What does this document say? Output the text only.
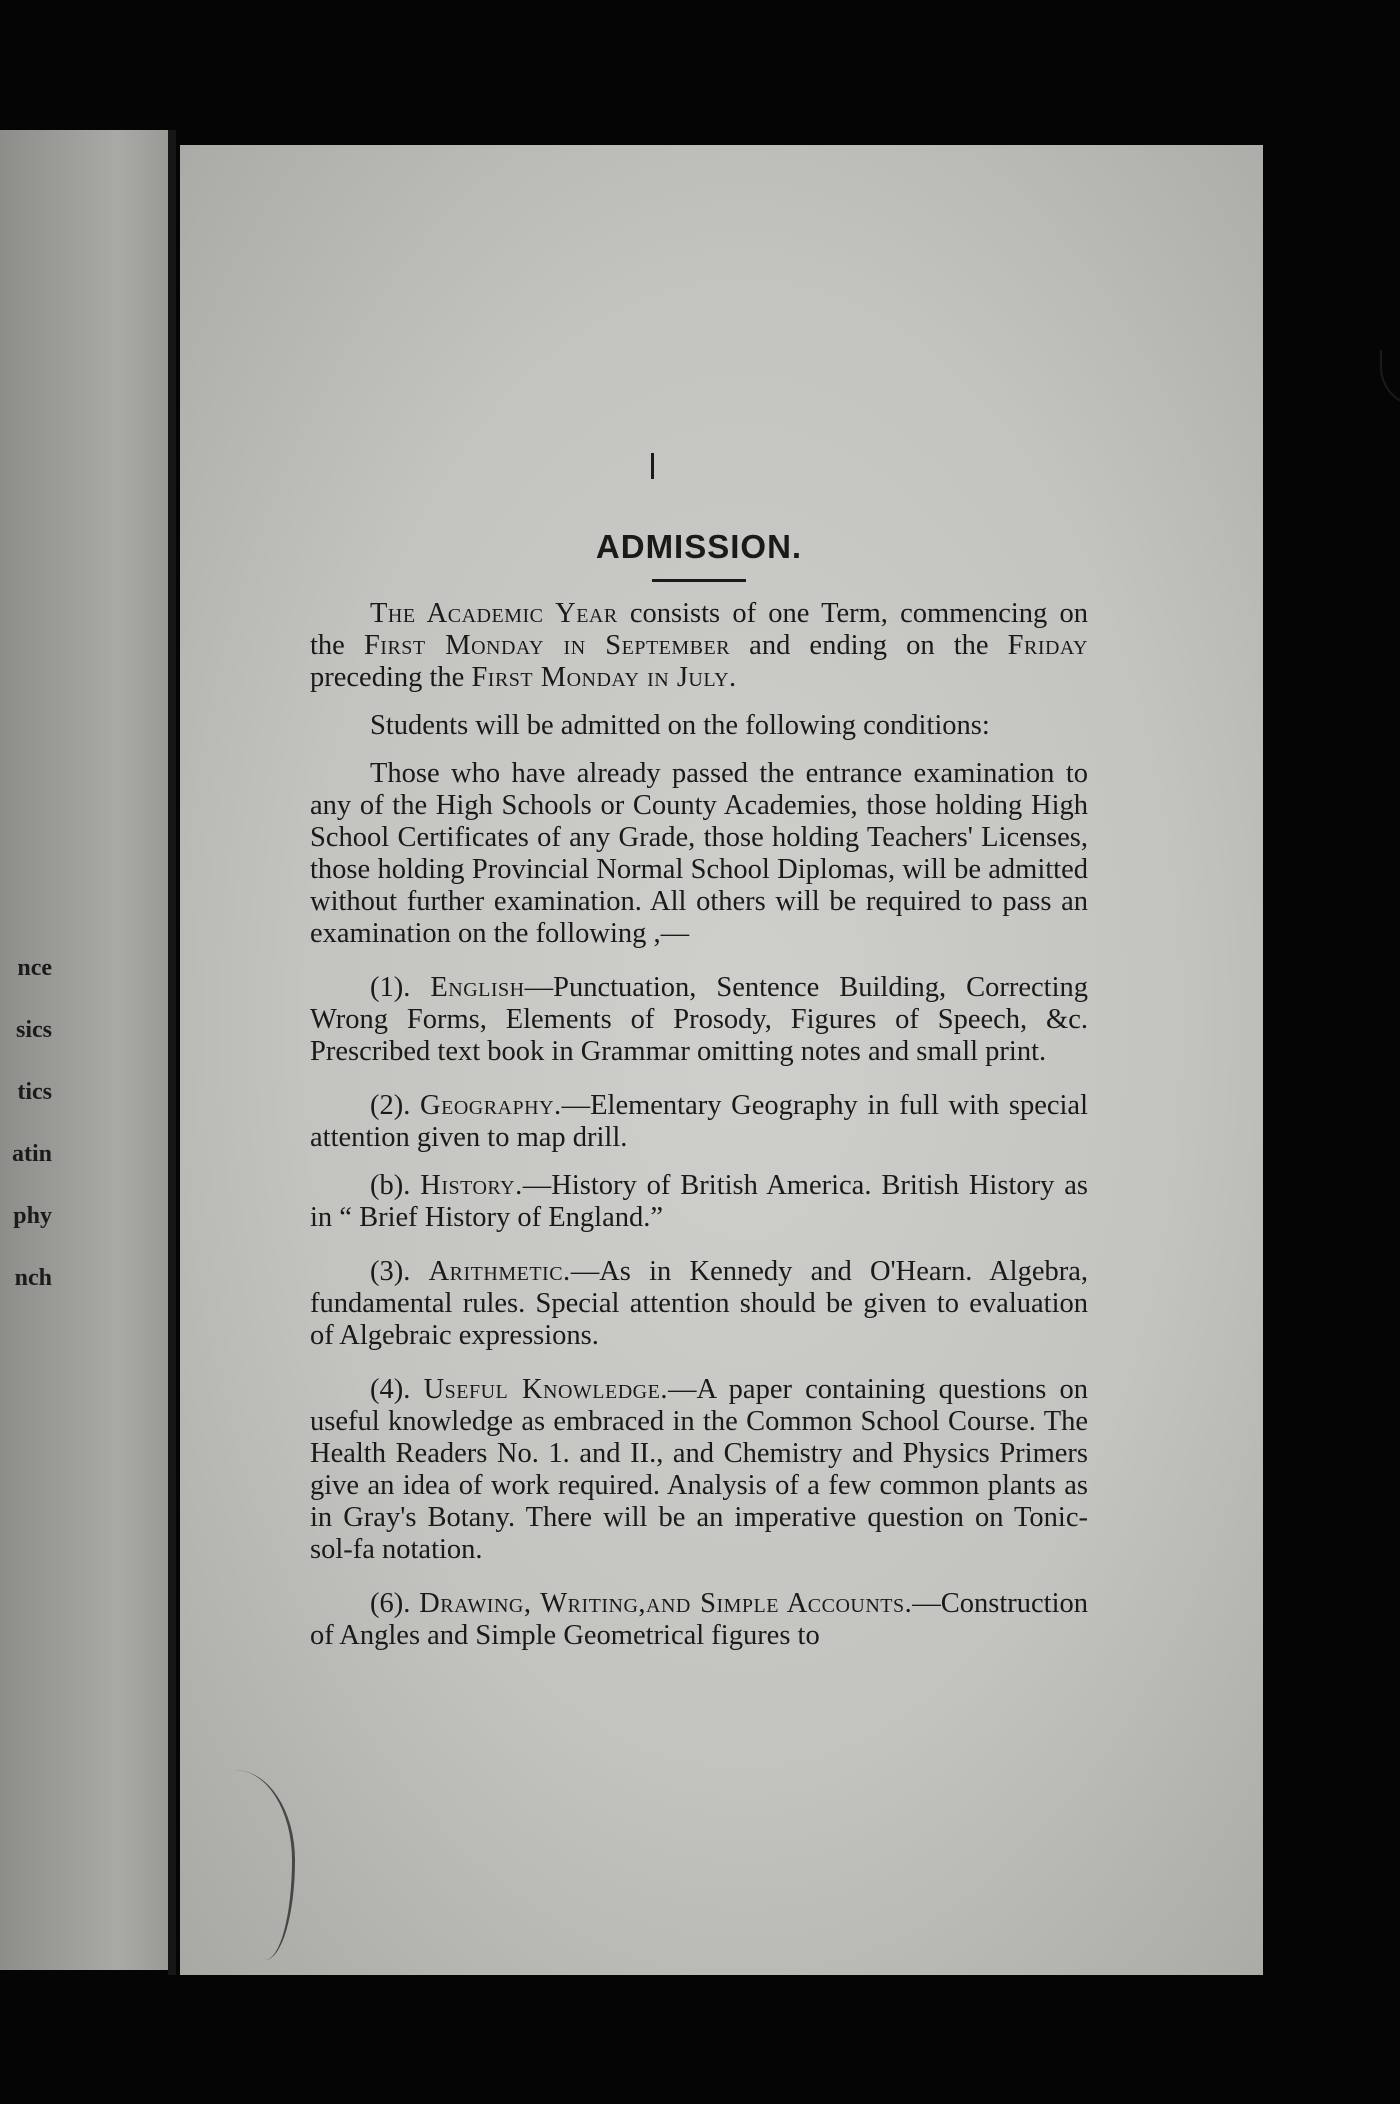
nce
sics
tics
atin
phy
nch
ADMISSION.

The Academic Year consists of one Term, commencing on the First Monday in September and ending on the Friday preceding the First Monday in July.

Students will be admitted on the following conditions:

Those who have already passed the entrance examination to any of the High Schools or County Academies, those holding High School Certificates of any Grade, those holding Teachers' Licenses, those holding Provincial Normal School Diplomas, will be admitted without further examination. All others will be required to pass an examination on the following ,—

(1). English—Punctuation, Sentence Building, Correcting Wrong Forms, Elements of Prosody, Figures of Speech, &c. Prescribed text book in Grammar omitting notes and small print.

(2). Geography.—Elementary Geography in full with special attention given to map drill.

(b). History.—History of British America. British History as in “ Brief History of England.”

(3). Arithmetic.—As in Kennedy and O'Hearn. Algebra, fundamental rules. Special attention should be given to evaluation of Algebraic expressions.

(4). Useful Knowledge.—A paper containing questions on useful knowledge as embraced in the Common School Course. The Health Readers No. 1. and II., and Chemistry and Physics Primers give an idea of work required. Analysis of a few common plants as in Gray's Botany. There will be an imperative question on Tonic-sol-fa notation.

(6). Drawing, Writing,and Simple Accounts.—Construction of Angles and Simple Geometrical figures to
